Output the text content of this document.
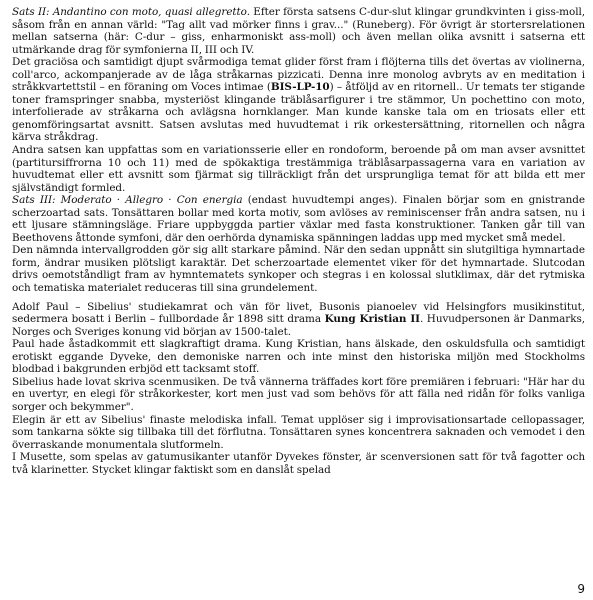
Sats II: Andantino con moto, quasi allegretto. Efter första satsens C-dur-slut klingar grundkvinten i giss-moll, såsom från en annan värld: "Tag allt vad mörker finns i grav..." (Runeberg). För övrigt är stortersrelationen mellan satserna (här: C-dur – giss, enharmoniskt ass-moll) och även mellan olika avsnitt i satserna ett utmärkande drag för symfonierna II, III och IV.

Det graciösa och samtidigt djupt svårmodiga temat glider först fram i flöjterna tills det övertas av violinerna, coll'arco, ackompanjerade av de låga stråkarnas pizzicati. Denna inre monolog avbryts av en meditation i stråkkvartettstil – en föraning om Voces intimae (BIS-LP-10) – åtföljd av en ritornell.. Ur temats ter stigande toner framspringer snabba, mysteriöst klingande träblåsarfigurer i tre stämmor, Un pochettino con moto, interfolierade av stråkarna och avlägsna hornklanger. Man kunde kanske tala om en triosats eller ett genomföringsartat avsnitt. Satsen avslutas med huvudtemat i rik orkestersättning, ritornellen och några kärva stråkdrag.

Andra satsen kan uppfattas som en variationsserie eller en rondoform, beroende på om man avser avsnittet (partitursiffrorna 10 och 11) med de spökaktiga trestämmiga träblåsarpassagerna vara en variation av huvudtemat eller ett avsnitt som fjärmat sig tillräckligt från det ursprungliga temat för att bilda ett mer självständigt formled.

Sats III: Moderato · Allegro · Con energia (endast huvudtempi anges). Finalen börjar som en gnistrande scherzoartad sats. Tonsättaren bollar med korta motiv, som avlöses av reminiscenser från andra satsen, nu i ett ljusare stämningsläge. Friare uppbyggda partier växlar med fasta konstruktioner. Tanken går till van Beethovens åttonde symfoni, där den oerhörda dynamiska spänningen laddas upp med mycket små medel.

Den nämnda intervallgrodden gör sig allt starkare påmind. När den sedan uppnått sin slutgiltiga hymnartade form, ändrar musiken plötsligt karaktär. Det scherzoartade elementet viker för det hymnartade. Slutcodan drivs oemotståndligt fram av hymntematets synkoper och stegras i en kolossal slutklimax, där det rytmiska och tematiska materialet reduceras till sina grundelement.

Adolf Paul – Sibelius' studiekamrat och vän för livet, Busonis pianoelev vid Helsingfors musikinstitut, sedermera bosatt i Berlin – fullbordade år 1898 sitt drama Kung Kristian II. Huvudpersonen är Danmarks, Norges och Sveriges konung vid början av 1500-talet.

Paul hade åstadkommit ett slagkraftigt drama. Kung Kristian, hans älskade, den oskuldsfulla och samtidigt erotiskt eggande Dyveke, den demoniske narren och inte minst den historiska miljön med Stockholms blodbad i bakgrunden erbjöd ett tacksamt stoff.

Sibelius hade lovat skriva scenmusiken. De två vännerna träffades kort före premiären i februari: "Här har du en uvertyr, en elegi för stråkorkester, kort men just vad som behövs för att fälla ned ridån för folks vanliga sorger och bekymmer".

Elegin är ett av Sibelius' finaste melodiska infall. Temat upplöser sig i improvisationsartade cellopassager, som tankarna sökte sig tillbaka till det förflutna. Tonsättaren synes koncentrera saknaden och vemodet i den överraskande monumentala slutformeln.

I Musette, som spelas av gatumusikanter utanför Dyvekes fönster, är scenversionen satt för två fagotter och två klarinetter. Stycket klingar faktiskt som en danslåt spelad

9
